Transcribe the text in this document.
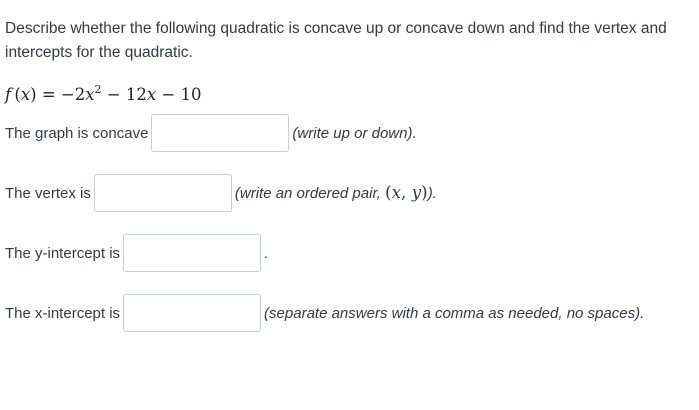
Describe whether the following quadratic is concave up or concave down and find the vertex and intercepts for the quadratic.
f $(x) = -2x^2 - 12x - 10$
The graph is concave	(write up or down).
The vertex is	(write an ordered pair, (x, y)).
The y-intercept is	.
The x-intercept is	(separate answers with a comma as needed, no spaces).
